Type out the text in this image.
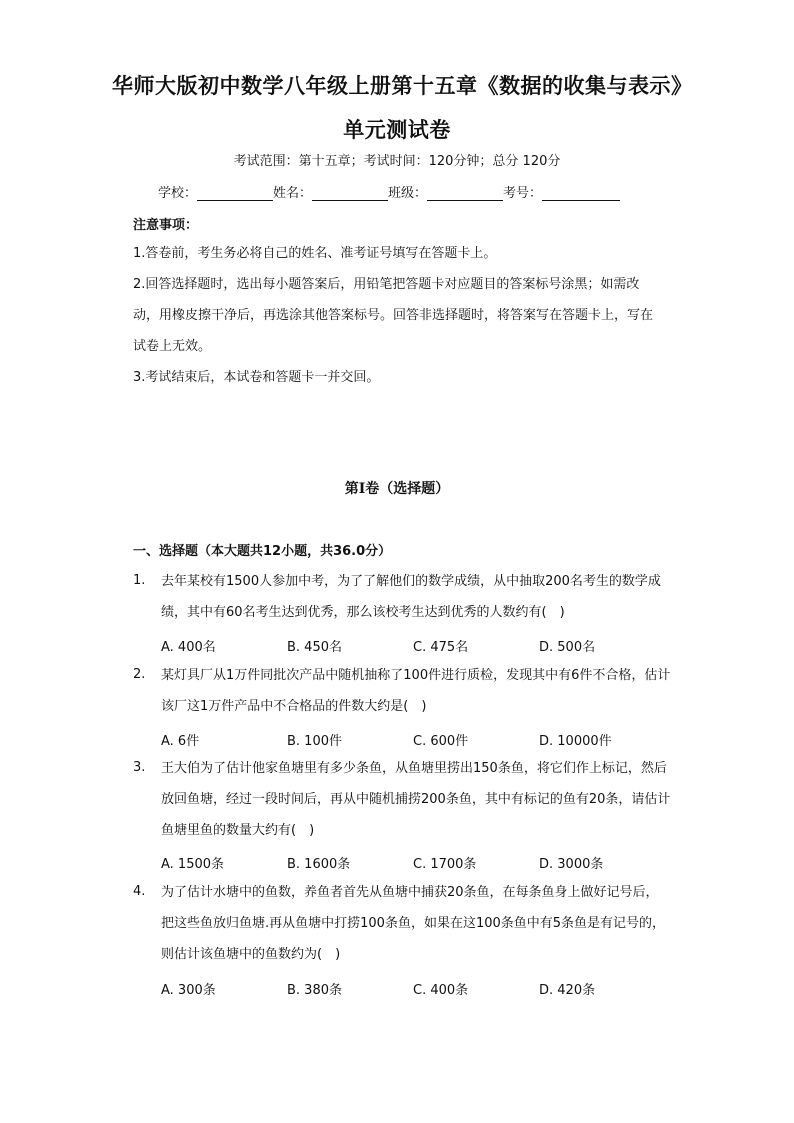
华师大版初中数学八年级上册第十五章《数据的收集与表示》单元测试卷
考试范围：第十五章；考试时间：120分钟；总分 120分
学校：	姓名：	班级：	考号：
注意事项：

1.答卷前，考生务必将自己的姓名、准考证号填写在答题卡上。

2.回答选择题时，选出每小题答案后，用铅笔把答题卡对应题目的答案标号涂黑；如需改动，用橡皮擦干净后，再选涂其他答案标号。回答非选择题时，将答案写在答题卡上，写在试卷上无效。

3.考试结束后，本试卷和答题卡一并交回。

第I卷（选择题）
一、选择题（本大题共12小题，共36.0分）
1.	去年某校有1500人参加中考，为了了解他们的数学成绩，从中抽取200名考生的数学成绩，其中有60名考生达到优秀，那么该校考生达到优秀的人数约有(　)

A. 400名	B. 450名	C. 475名	D. 500名
2.	某灯具厂从1万件同批次产品中随机抽称了100件进行质检，发现其中有6件不合格，估计该厂这1万件产品中不合格品的件数大约是(　)

A. 6件	B. 100件	C. 600件	D. 10000件
3.	王大伯为了估计他家鱼塘里有多少条鱼，从鱼塘里捞出150条鱼，将它们作上标记，然后放回鱼塘，经过一段时间后，再从中随机捕捞200条鱼，其中有标记的鱼有20条，请估计鱼塘里鱼的数量大约有(　)

A. 1500条	B. 1600条	C. 1700条	D. 3000条
4.	为了估计水塘中的鱼数，养鱼者首先从鱼塘中捕获20条鱼，在每条鱼身上做好记号后，把这些鱼放归鱼塘.再从鱼塘中打捞100条鱼，如果在这100条鱼中有5条鱼是有记号的，则估计该鱼塘中的鱼数约为(　)

A. 300条	B. 380条	C. 400条	D. 420条
